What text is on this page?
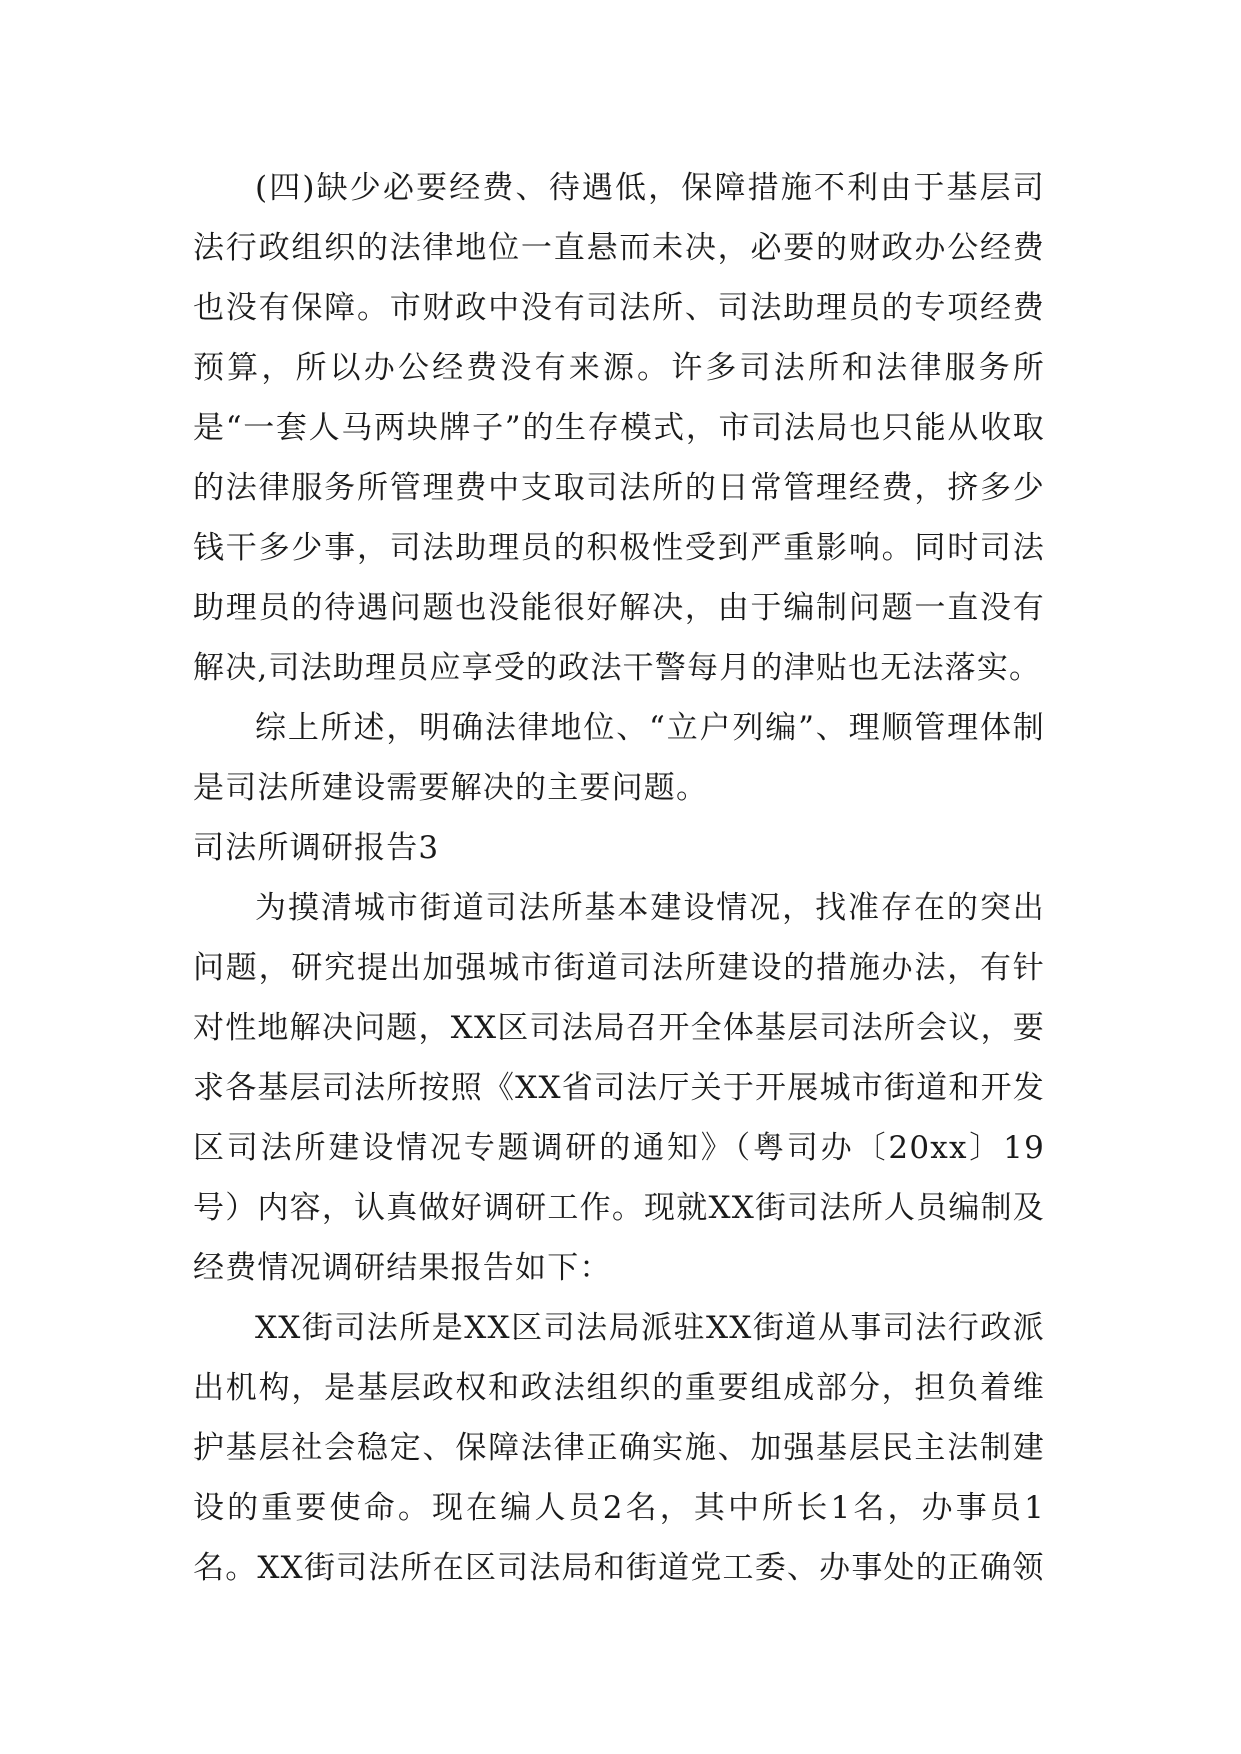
(四)缺少必要经费、待遇低，保障措施不利由于基层司法行政组织的法律地位一直悬而未决，必要的财政办公经费也没有保障。市财政中没有司法所、司法助理员的专项经费预算，所以办公经费没有来源。许多司法所和法律服务所是“一套人马两块牌子”的生存模式，市司法局也只能从收取的法律服务所管理费中支取司法所的日常管理经费，挤多少钱干多少事，司法助理员的积极性受到严重影响。同时司法助理员的待遇问题也没能很好解决，由于编制问题一直没有解决,司法助理员应享受的政法干警每月的津贴也无法落实。

综上所述，明确法律地位、“立户列编”、理顺管理体制是司法所建设需要解决的主要问题。

司法所调研报告3

为摸清城市街道司法所基本建设情况，找准存在的突出问题，研究提出加强城市街道司法所建设的措施办法，有针对性地解决问题，XX区司法局召开全体基层司法所会议，要求各基层司法所按照《XX省司法厅关于开展城市街道和开发区司法所建设情况专题调研的通知》（粤司办〔20xx〕19号）内容，认真做好调研工作。现就XX街司法所人员编制及经费情况调研结果报告如下：

XX街司法所是XX区司法局派驻XX街道从事司法行政派出机构，是基层政权和政法组织的重要组成部分，担负着维护基层社会稳定、保障法律正确实施、加强基层民主法制建设的重要使命。现在编人员2名，其中所长1名，办事员1名。XX街司法所在区司法局和街道党工委、办事处的正确领
